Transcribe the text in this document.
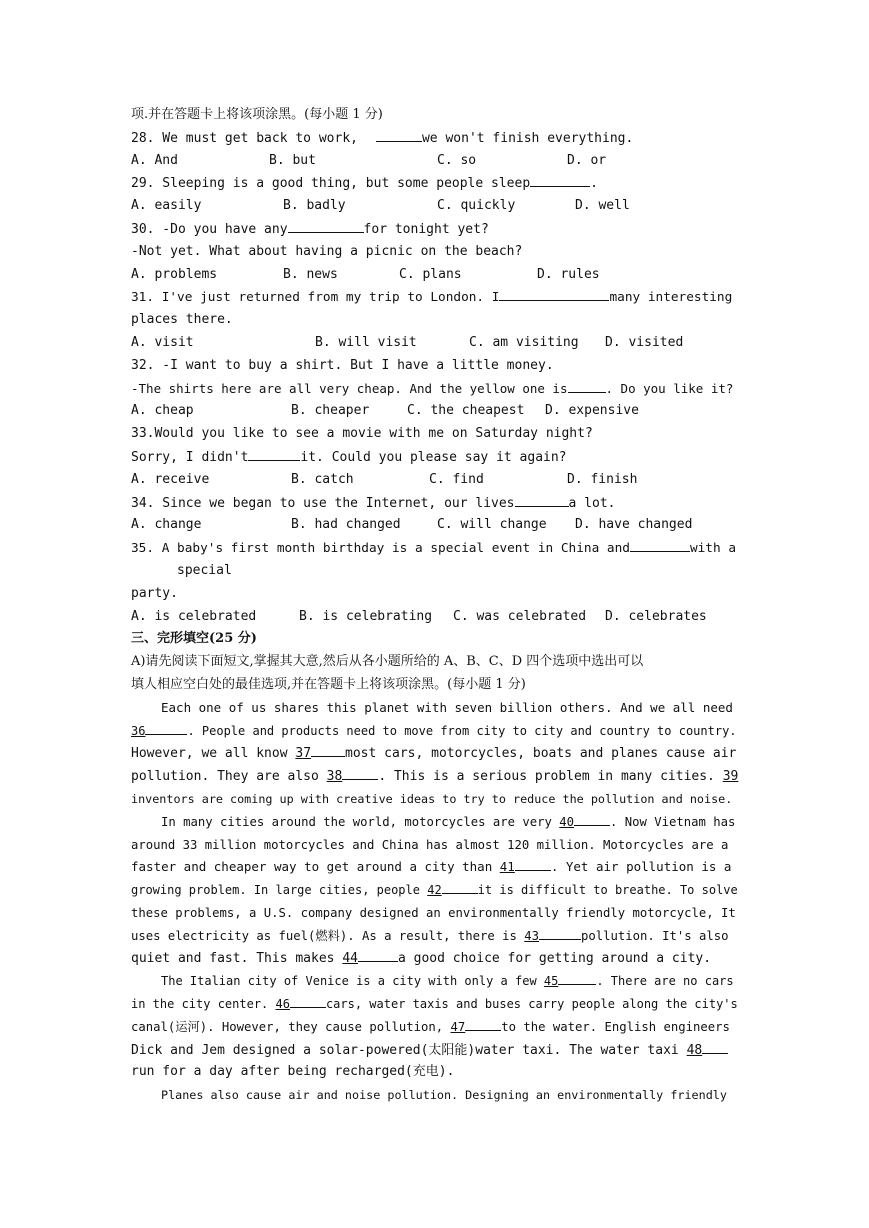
项.并在答题卡上将该项涂黑。(每小题 1 分)
28. We must get back to work,	we won't finish everything.
A. And	B. but	C. so	D. or
29. Sleeping is a good thing, but some people sleep	.
A. easily	B. badly	C. quickly	D. well
30. -Do you have any	for tonight yet?
-Not yet. What about having a picnic on the beach?
A. problems	B. news	C. plans	D. rules
31. I've just returned from my trip to London. I	many interesting
places there.
A. visit	B. will visit	C. am visiting D. visited
32. -I want to buy a shirt. But I have a little money.
-The shirts here are all very cheap. And the yellow one is	. Do you like it?
A. cheap	B. cheaper	C. the cheapest D. expensive
33.Would you like to see a movie with me on Saturday night?
Sorry, I didn't	it. Could you please say it again?
A. receive	B. catch	C. find	D. finish
34. Since we began to use the Internet, our lives	a lot.
A. change	B. had changed	C. will change D. have changed
35. A baby's first month birthday is a special event in China and	with a
special
party.
A. is celebrated	B. is celebrating C. was celebrated D. celebrates
三、完形填空(25 分)
A)请先阅读下面短文,掌握其大意,然后从各小题所给的 A、B、C、D 四个选项中选出可以
填人相应空白处的最佳选项,并在答题卡上将该项涂黑。(每小题 1 分)
Each one of us shares this planet with seven billion others. And we all need
36	. People and products need to move from city to city and country to country.
However, we all know 37	most cars, motorcycles, boats and planes cause air
pollution. They are also 38	. This is a serious problem in many cities. 39
inventors are coming up with creative ideas to try to reduce the pollution and noise.
In many cities around the world, motorcycles are very 40	. Now Vietnam has
around 33 million motorcycles and China has almost 120 million. Motorcycles are a
faster and cheaper way to get around a city than 41	. Yet air pollution is a
growing problem. In large cities, people 42	it is difficult to breathe. To solve
these problems, a U.S. company designed an environmentally friendly motorcycle, It
uses electricity as fuel(燃料). As a result, there is 43	pollution. It's also
quiet and fast. This makes 44	a good choice for getting around a city.
The Italian city of Venice is a city with only a few 45	. There are no cars
in the city center. 46	cars, water taxis and buses carry people along the city's
canal(运河). However, they cause pollution, 47	to the water. English engineers
Dick and Jem designed a solar-powered(太阳能)water taxi. The water taxi 48
run for a day after being recharged(充电).
Planes also cause air and noise pollution. Designing an environmentally friendly
